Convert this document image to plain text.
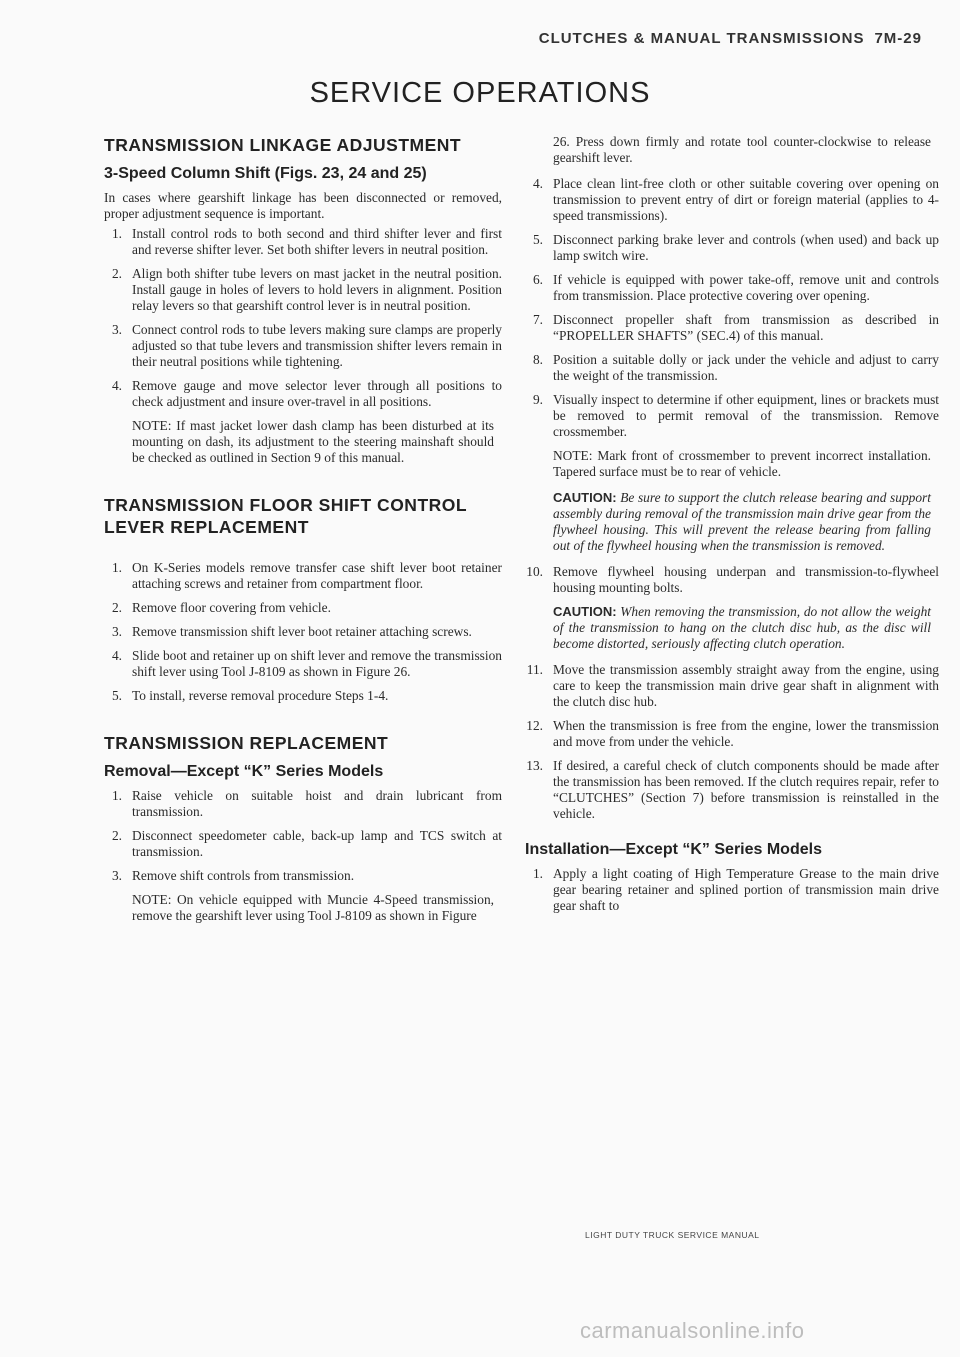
CLUTCHES & MANUAL TRANSMISSIONS 7M-29
SERVICE OPERATIONS
TRANSMISSION LINKAGE ADJUSTMENT
3-Speed Column Shift (Figs. 23, 24 and 25)

In cases where gearshift linkage has been disconnected or removed, proper adjustment sequence is important.

1. Install control rods to both second and third shifter lever and first and reverse shifter lever. Set both shifter levers in neutral position.
2. Align both shifter tube levers on mast jacket in the neutral position. Install gauge in holes of levers to hold levers in alignment. Position relay levers so that gearshift control lever is in neutral position.
3. Connect control rods to tube levers making sure clamps are properly adjusted so that tube levers and transmission shifter levers remain in their neutral positions while tightening.
4. Remove gauge and move selector lever through all positions to check adjustment and insure over-travel in all positions.
NOTE: If mast jacket lower dash clamp has been disturbed at its mounting on dash, its adjustment to the steering mainshaft should be checked as outlined in Section 9 of this manual.
TRANSMISSION FLOOR SHIFT CONTROL LEVER REPLACEMENT
1. On K-Series models remove transfer case shift lever boot retainer attaching screws and retainer from compartment floor.
2. Remove floor covering from vehicle.
3. Remove transmission shift lever boot retainer attaching screws.
4. Slide boot and retainer up on shift lever and remove the transmission shift lever using Tool J-8109 as shown in Figure 26.
5. To install, reverse removal procedure Steps 1-4.
TRANSMISSION REPLACEMENT
Removal—Except “K” Series Models
1. Raise vehicle on suitable hoist and drain lubricant from transmission.
2. Disconnect speedometer cable, back-up lamp and TCS switch at transmission.
3. Remove shift controls from transmission.
NOTE: On vehicle equipped with Muncie 4-Speed transmission, remove the gearshift lever using Tool J-8109 as shown in Figure
26. Press down firmly and rotate tool counter-clockwise to release gearshift lever.
4. Place clean lint-free cloth or other suitable covering over opening on transmission to prevent entry of dirt or foreign material (applies to 4-speed transmissions).
5. Disconnect parking brake lever and controls (when used) and back up lamp switch wire.
6. If vehicle is equipped with power take-off, remove unit and controls from transmission. Place protective covering over opening.
7. Disconnect propeller shaft from transmission as described in “PROPELLER SHAFTS” (SEC.4) of this manual.
8. Position a suitable dolly or jack under the vehicle and adjust to carry the weight of the transmission.
9. Visually inspect to determine if other equipment, lines or brackets must be removed to permit removal of the transmission. Remove crossmember.
NOTE: Mark front of crossmember to prevent incorrect installation. Tapered surface must be to rear of vehicle.
CAUTION: Be sure to support the clutch release bearing and support assembly during removal of the transmission main drive gear from the flywheel housing. This will prevent the release bearing from falling out of the flywheel housing when the transmission is removed.
10. Remove flywheel housing underpan and transmission-to-flywheel housing mounting bolts.
CAUTION: When removing the transmission, do not allow the weight of the transmission to hang on the clutch disc hub, as the disc will become distorted, seriously affecting clutch operation.
11. Move the transmission assembly straight away from the engine, using care to keep the transmission main drive gear shaft in alignment with the clutch disc hub.
12. When the transmission is free from the engine, lower the transmission and move from under the vehicle.
13. If desired, a careful check of clutch components should be made after the transmission has been removed. If the clutch requires repair, refer to “CLUTCHES” (Section 7) before transmission is reinstalled in the vehicle.
Installation—Except “K” Series Models
1. Apply a light coating of High Temperature Grease to the main drive gear bearing retainer and splined portion of transmission main drive gear shaft to
LIGHT DUTY TRUCK SERVICE MANUAL
carmanualsonline.info
